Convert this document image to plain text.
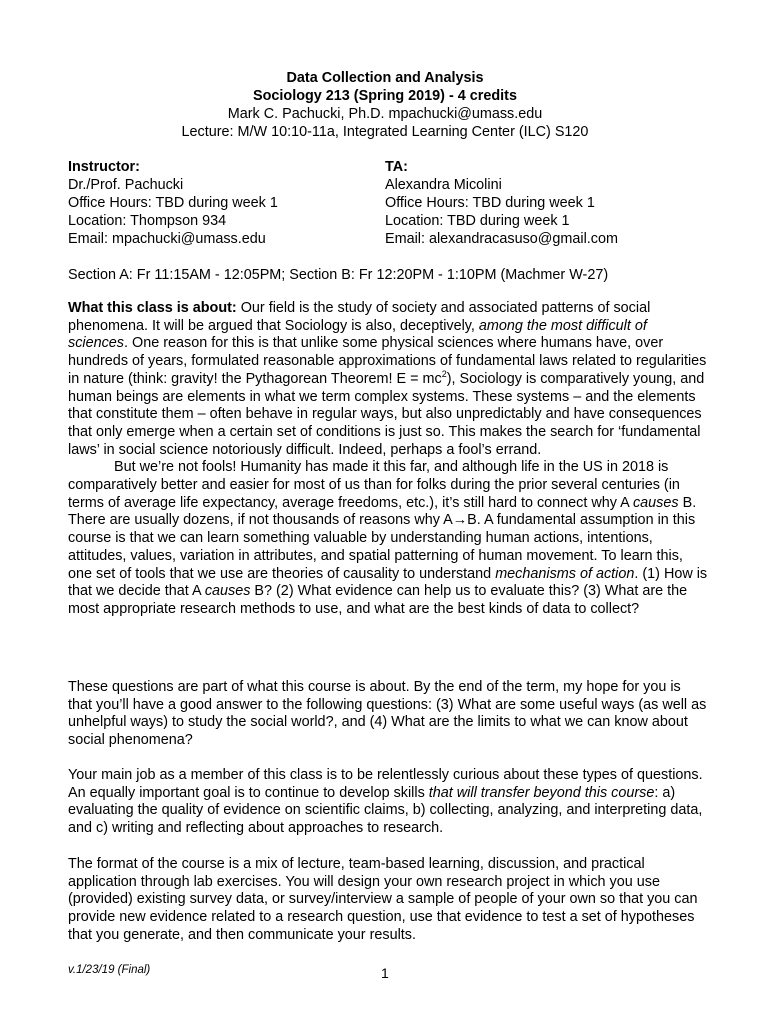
Data Collection and Analysis
Sociology 213 (Spring 2019) - 4 credits
Mark C. Pachucki, Ph.D. mpachucki@umass.edu
Lecture: M/W 10:10-11a, Integrated Learning Center (ILC) S120
Instructor:
Dr./Prof. Pachucki
Office Hours: TBD during week 1
Location: Thompson 934
Email: mpachucki@umass.edu
TA:
Alexandra Micolini
Office Hours: TBD during week 1
Location: TBD during week 1
Email: alexandracasuso@gmail.com
Section A: Fr 11:15AM - 12:05PM; Section B: Fr 12:20PM - 1:10PM (Machmer W-27)

What this class is about: Our field is the study of society and associated patterns of social phenomena. It will be argued that Sociology is also, deceptively, among the most difficult of sciences. One reason for this is that unlike some physical sciences where humans have, over hundreds of years, formulated reasonable approximations of fundamental laws related to regularities in nature (think: gravity! the Pythagorean Theorem! $E = mc^2$), Sociology is comparatively young, and human beings are elements in what we term complex systems. These systems – and the elements that constitute them – often behave in regular ways, but also unpredictably and have consequences that only emerge when a certain set of conditions is just so. This makes the search for ‘fundamental laws’ in social science notoriously difficult. Indeed, perhaps a fool’s errand.

But we’re not fools! Humanity has made it this far, and although life in the US in 2018 is comparatively better and easier for most of us than for folks during the prior several centuries (in terms of average life expectancy, average freedoms, etc.), it’s still hard to connect why A causes B. There are usually dozens, if not thousands of reasons why A→B. A fundamental assumption in this course is that we can learn something valuable by understanding human actions, intentions, attitudes, values, variation in attributes, and spatial patterning of human movement. To learn this, one set of tools that we use are theories of causality to understand mechanisms of action. (1) How is that we decide that A causes B? (2) What evidence can help us to evaluate this? (3) What are the most appropriate research methods to use, and what are the best kinds of data to collect?

These questions are part of what this course is about. By the end of the term, my hope for you is that you’ll have a good answer to the following questions: (3) What are some useful ways (as well as unhelpful ways) to study the social world?, and (4) What are the limits to what we can know about social phenomena?
Your main job as a member of this class is to be relentlessly curious about these types of questions. An equally important goal is to continue to develop skills that will transfer beyond this course: a) evaluating the quality of evidence on scientific claims, b) collecting, analyzing, and interpreting data, and c) writing and reflecting about approaches to research.
The format of the course is a mix of lecture, team-based learning, discussion, and practical application through lab exercises. You will design your own research project in which you use (provided) existing survey data, or survey/interview a sample of people of your own so that you can provide new evidence related to a research question, use that evidence to test a set of hypotheses that you generate, and then communicate your results.
v.1/23/19 (Final)	1
